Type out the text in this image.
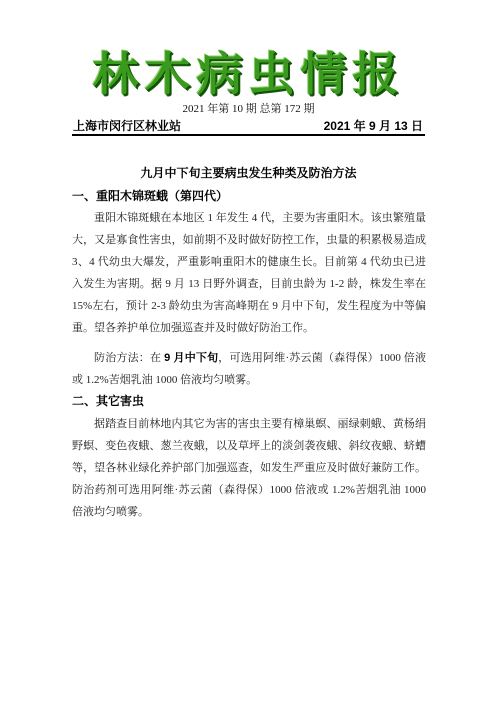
林木病虫情报
2021 年第 10 期 总第 172 期
上海市闵行区林业站	2021 年 9 月 13 日
九月中下旬主要病虫发生种类及防治方法
一、重阳木锦斑蛾（第四代）
重阳木锦斑蛾在本地区 1 年发生 4 代，主要为害重阳木。该虫繁殖量大，又是寡食性害虫，如前期不及时做好防控工作，虫量的积累极易造成 3、4 代幼虫大爆发，严重影响重阳木的健康生长。目前第 4 代幼虫已进入发生为害期。据 9 月 13 日野外调查，目前虫龄为 1-2 龄，株发生率在 15%左右，预计 2-3 龄幼虫为害高峰期在 9 月中下旬，发生程度为中等偏重。望各养护单位加强巡查并及时做好防治工作。
防治方法：在 9 月中下旬，可选用阿维·苏云菌（森得保）1000 倍液或 1.2%苦烟乳油 1000 倍液均匀喷雾。
二、其它害虫
据踏查目前林地内其它为害的害虫主要有樟巢螟、丽绿刺蛾、黄杨绢野螟、变色夜蛾、葱兰夜蛾，以及草坪上的淡剑袭夜蛾、斜纹夜蛾、蛴螬等，望各林业绿化养护部门加强巡查，如发生严重应及时做好兼防工作。防治药剂可选用阿维·苏云菌（森得保）1000 倍液或 1.2%苦烟乳油 1000 倍液均匀喷雾。
